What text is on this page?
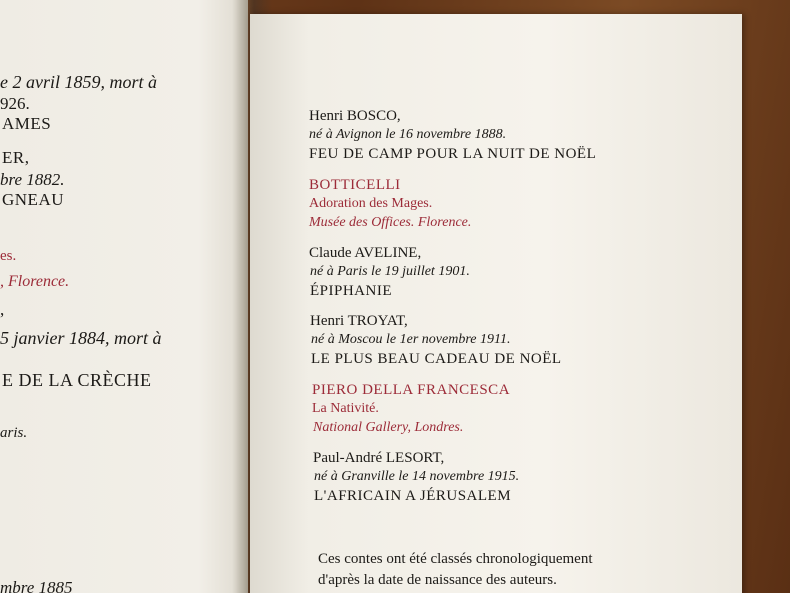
e 2 avril 1859, mort à
926.
AMES
ER,
bre 1882.
GNEAU
es.
, Florence.
,
5 janvier 1884, mort à
E DE LA CRÈCHE
aris.
mbre 1885
Henri BOSCO,
né à Avignon le 16 novembre 1888.
FEU DE CAMP POUR LA NUIT DE NOËL
BOTTICELLI
Adoration des Mages.
Musée des Offices. Florence.
Claude AVELINE,
né à Paris le 19 juillet 1901.
ÉPIPHANIE
Henri TROYAT,
né à Moscou le 1er novembre 1911.
LE PLUS BEAU CADEAU DE NOËL
PIERO DELLA FRANCESCA
La Nativité.
National Gallery, Londres.
Paul-André LESORT,
né à Granville le 14 novembre 1915.
L'AFRICAIN A JÉRUSALEM
Ces contes ont été classés chronologiquement
d'après la date de naissance des auteurs.
